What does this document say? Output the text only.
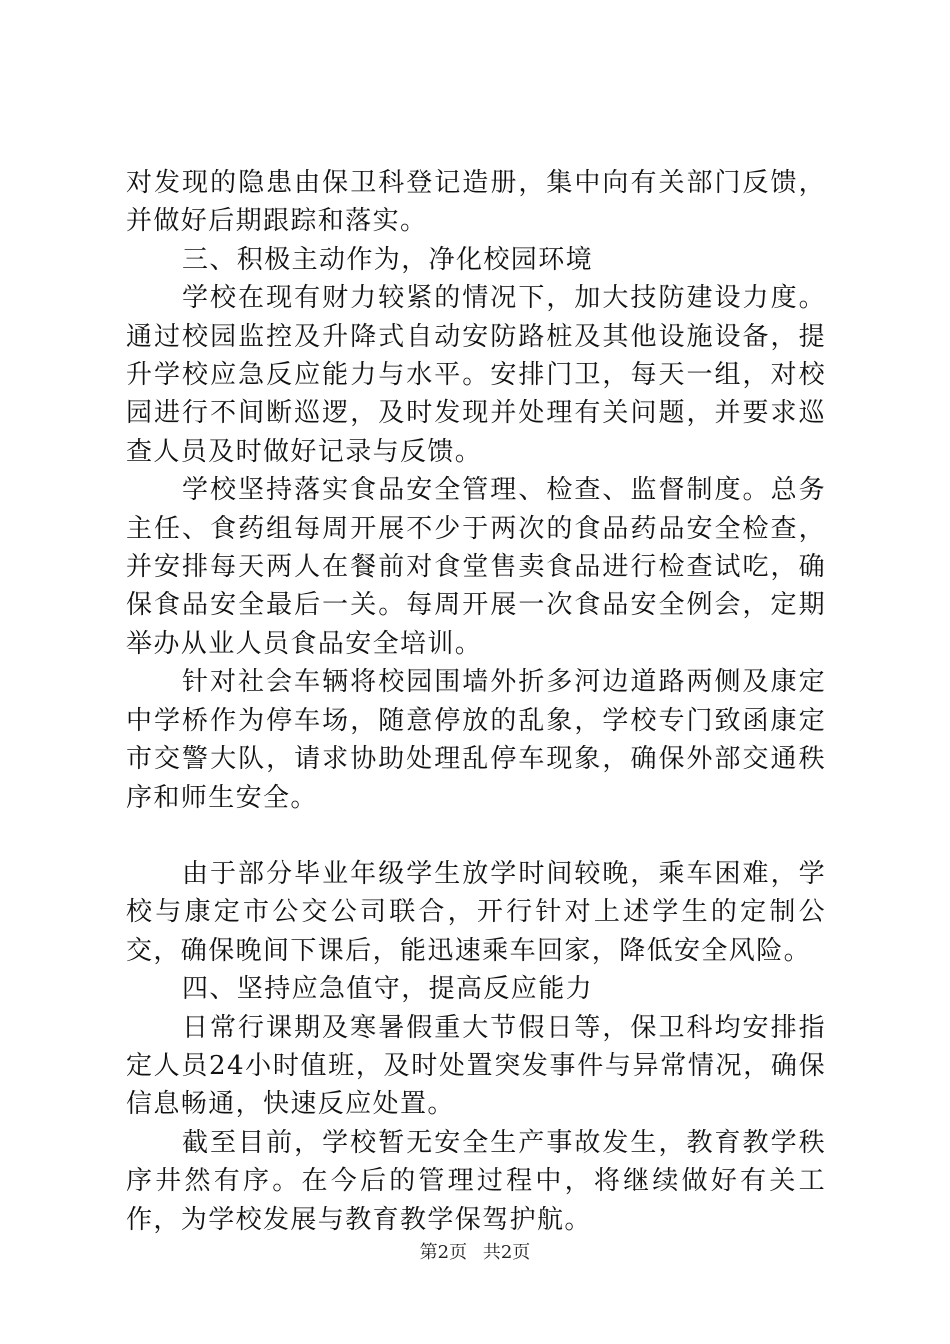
对发现的隐患由保卫科登记造册，集中向有关部门反馈，并做好后期跟踪和落实。

三、积极主动作为，净化校园环境

学校在现有财力较紧的情况下，加大技防建设力度。通过校园监控及升降式自动安防路桩及其他设施设备，提升学校应急反应能力与水平。安排门卫，每天一组，对校园进行不间断巡逻，及时发现并处理有关问题，并要求巡查人员及时做好记录与反馈。

学校坚持落实食品安全管理、检查、监督制度。总务主任、食药组每周开展不少于两次的食品药品安全检查，并安排每天两人在餐前对食堂售卖食品进行检查试吃，确保食品安全最后一关。每周开展一次食品安全例会，定期举办从业人员食品安全培训。

针对社会车辆将校园围墙外折多河边道路两侧及康定中学桥作为停车场，随意停放的乱象，学校专门致函康定市交警大队，请求协助处理乱停车现象，确保外部交通秩序和师生安全。

由于部分毕业年级学生放学时间较晚，乘车困难，学校与康定市公交公司联合，开行针对上述学生的定制公交，确保晚间下课后，能迅速乘车回家，降低安全风险。

四、坚持应急值守，提高反应能力

日常行课期及寒暑假重大节假日等，保卫科均安排指定人员24小时值班，及时处置突发事件与异常情况，确保信息畅通，快速反应处置。

截至目前，学校暂无安全生产事故发生，教育教学秩序井然有序。在今后的管理过程中，将继续做好有关工作，为学校发展与教育教学保驾护航。

第2页 共2页
